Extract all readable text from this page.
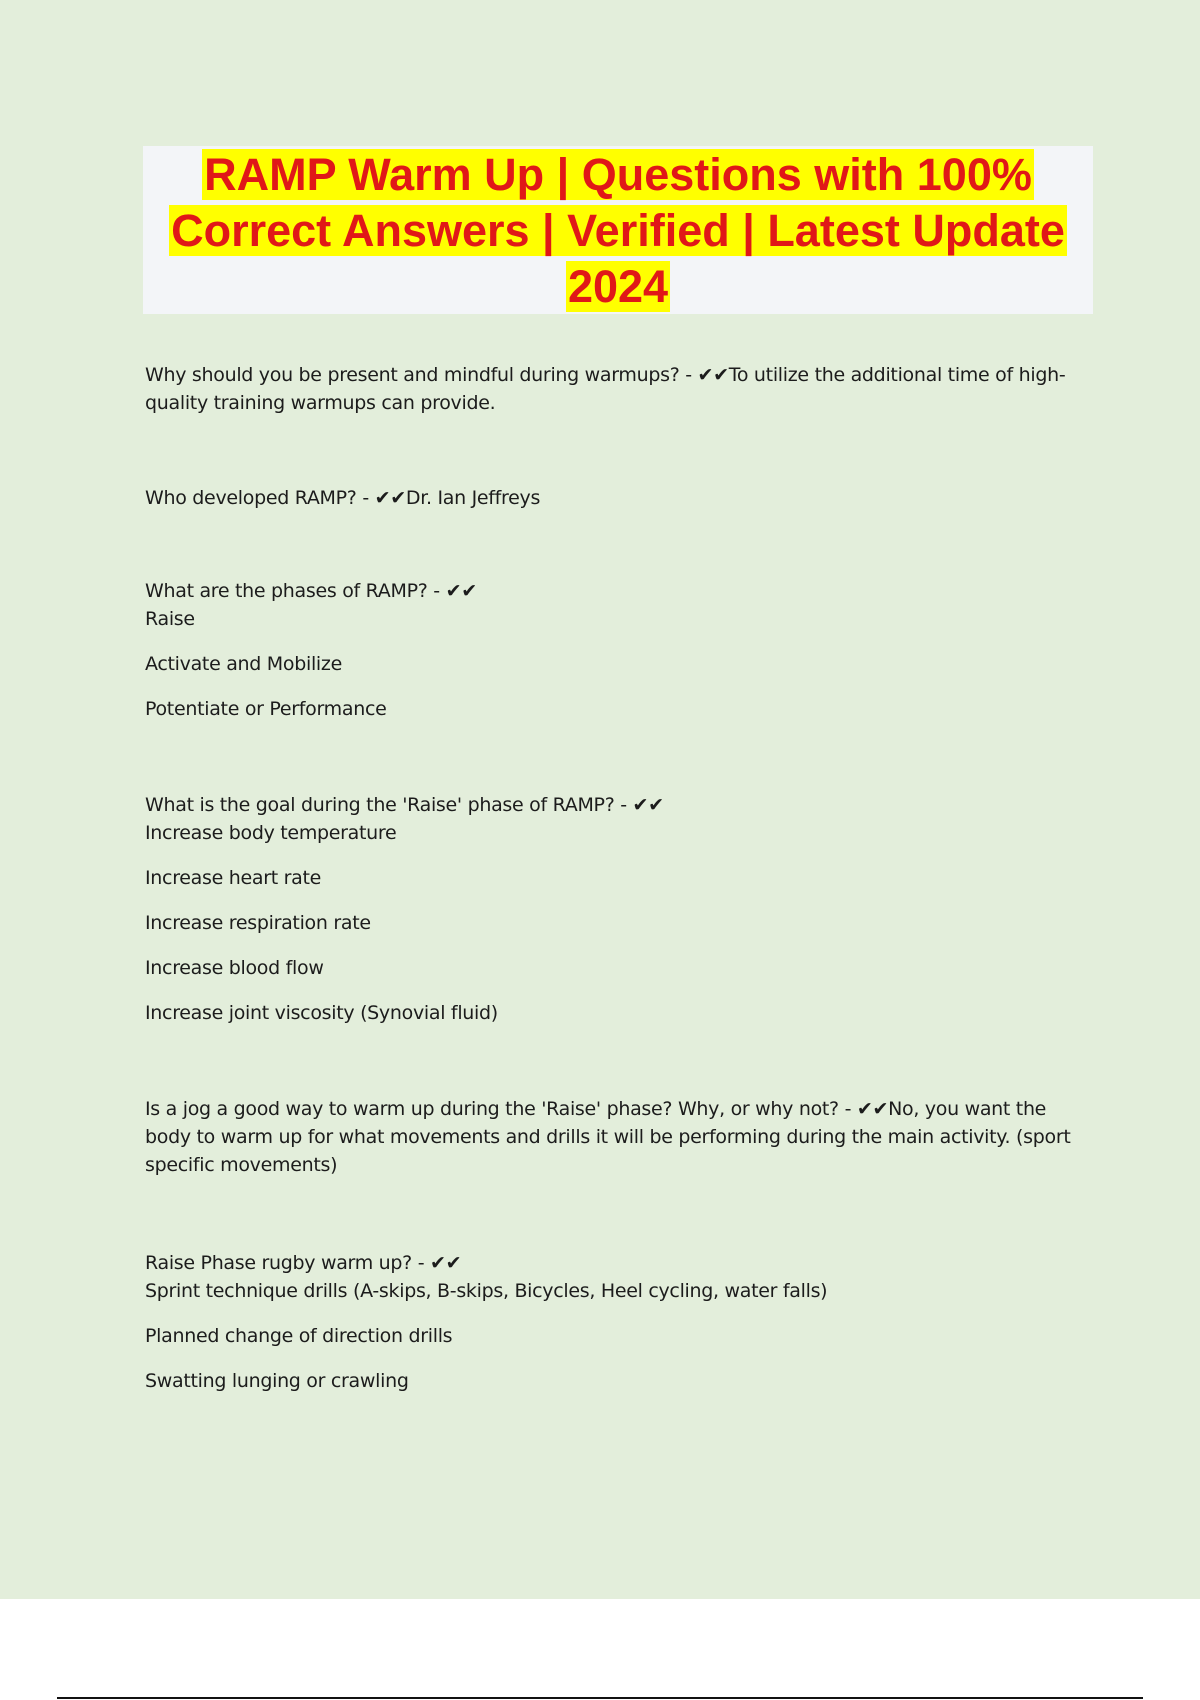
RAMP Warm Up | Questions with 100% Correct Answers | Verified | Latest Update 2024
Why should you be present and mindful during warmups? - ✔✔To utilize the additional time of high-quality training warmups can provide.
Who developed RAMP? - ✔✔Dr. Ian Jeffreys
What are the phases of RAMP? - ✔✔
Raise
Activate and Mobilize
Potentiate or Performance
What is the goal during the 'Raise' phase of RAMP? - ✔✔
Increase body temperature
Increase heart rate
Increase respiration rate
Increase blood flow
Increase joint viscosity (Synovial fluid)
Is a jog a good way to warm up during the 'Raise' phase? Why, or why not? - ✔✔No, you want the body to warm up for what movements and drills it will be performing during the main activity. (sport specific movements)
Raise Phase rugby warm up? - ✔✔
Sprint technique drills (A-skips, B-skips, Bicycles, Heel cycling, water falls)
Planned change of direction drills
Swatting lunging or crawling
